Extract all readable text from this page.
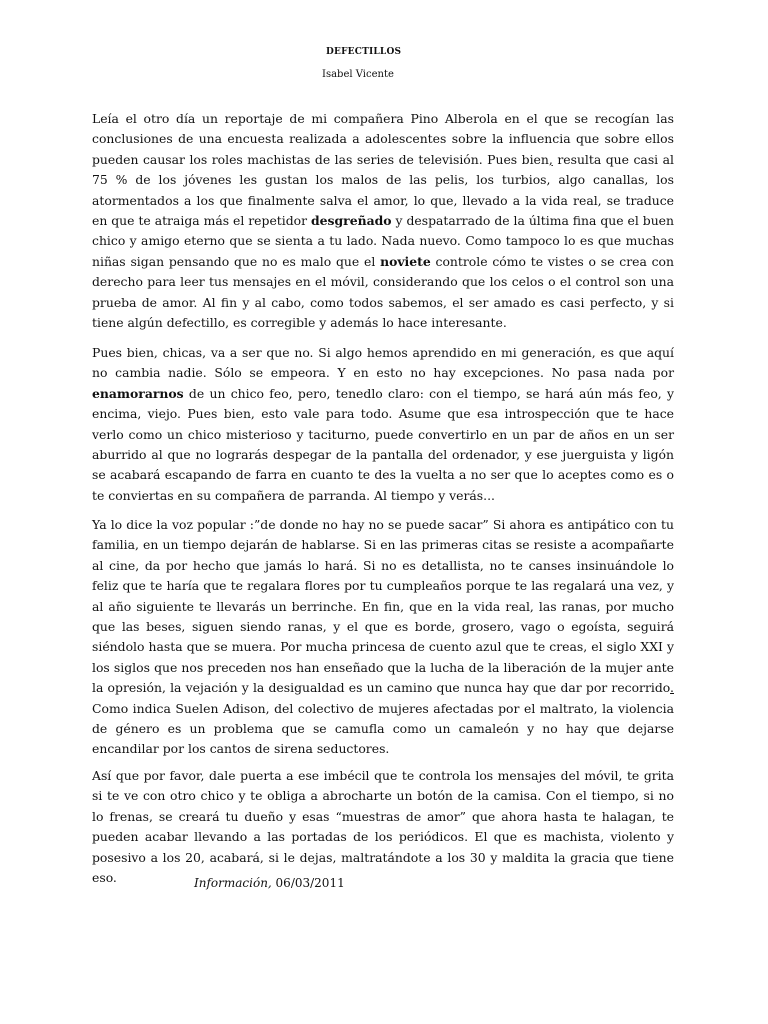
DEFECTILLOS
Isabel Vicente

Leía el otro día un reportaje de mi compañera Pino Alberola en el que se recogían las conclusiones de una encuesta realizada a adolescentes sobre la influencia que sobre ellos pueden causar los roles machistas de las series de televisión. Pues bien, resulta que casi al 75 % de los jóvenes les gustan los malos de las pelis, los turbios, algo canallas, los atormentados a los que finalmente salva el amor, lo que, llevado a la vida real, se traduce en que te atraiga más el repetidor desgreñado y despatarrado de la última fina que el buen chico y amigo eterno que se sienta a tu lado. Nada nuevo. Como tampoco lo es que muchas niñas sigan pensando que no es malo que el noviete controle cómo te vistes o se crea con derecho para leer tus mensajes en el móvil, considerando que los celos o el control son una prueba de amor. Al fin y al cabo, como todos sabemos, el ser amado es casi perfecto, y si tiene algún defectillo, es corregible y además lo hace interesante.

Pues bien, chicas, va a ser que no. Si algo hemos aprendido en mi generación, es que aquí no cambia nadie. Sólo se empeora. Y en esto no hay excepciones. No pasa nada por enamorarnos de un chico feo, pero, tenedlo claro: con el tiempo, se hará aún más feo, y encima, viejo. Pues bien, esto vale para todo. Asume que esa introspección que te hace verlo como un chico misterioso y taciturno, puede convertirlo en un par de años en un ser aburrido al que no lograrás despegar de la pantalla del ordenador, y ese juerguista y ligón se acabará escapando de farra en cuanto te des la vuelta a no ser que lo aceptes como es o te conviertas en su compañera de parranda. Al tiempo y verás...

Ya lo dice la voz popular :”de donde no hay no se puede sacar” Si ahora es antipático con tu familia, en un tiempo dejarán de hablarse. Si en las primeras citas se resiste a acompañarte al cine, da por hecho que jamás lo hará. Si no es detallista, no te canses insinuándole lo feliz que te haría que te regalara flores por tu cumpleaños porque te las regalará una vez, y al año siguiente te llevarás un berrinche. En fin, que en la vida real, las ranas, por mucho que las beses, siguen siendo ranas, y el que es borde, grosero, vago o egoísta, seguirá siéndolo hasta que se muera. Por mucha princesa de cuento azul que te creas, el siglo XXI y los siglos que nos preceden nos han enseñado que la lucha de la liberación de la mujer ante la opresión, la vejación y la desigualdad es un camino que nunca hay que dar por recorrido. Como indica Suelen Adison, del colectivo de mujeres afectadas por el maltrato, la violencia de género es un problema que se camufla como un camaleón y no hay que dejarse encandilar por los cantos de sirena seductores.

Así que por favor, dale puerta a ese imbécil que te controla los mensajes del móvil, te grita si te ve con otro chico y te obliga a abrocharte un botón de la camisa. Con el tiempo, si no lo frenas, se creará tu dueño y esas “muestras de amor” que ahora hasta te halagan, te pueden acabar llevando a las portadas de los periódicos. El que es machista, violento y posesivo a los 20, acabará, si le dejas, maltratándote a los 30 y maldita la gracia que tiene eso.	Información, 06/03/2011
